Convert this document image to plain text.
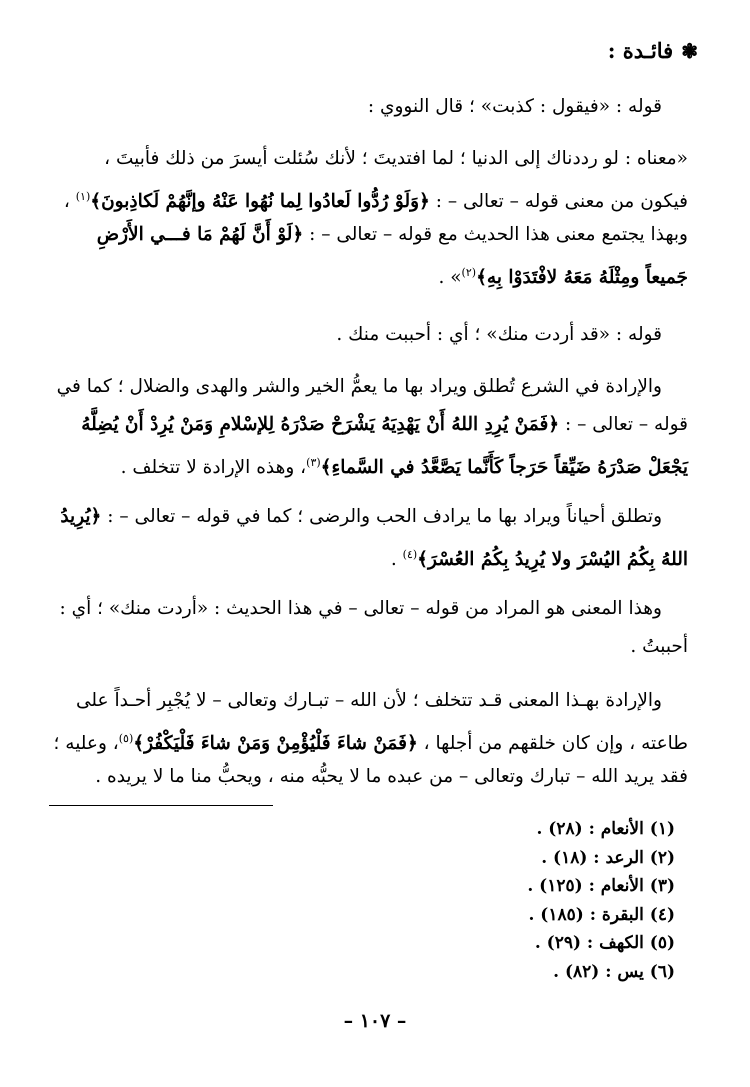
❃فائـدة :
قوله : «فيقول : كذبت» ؛ قال النووي :
«معناه : لو رددناك إلى الدنيا ؛ لما افتديتَ ؛ لأنك سُئلت أيسرَ من ذلك فأبيتَ ،
فيكون من معنى قوله – تعالى – : ﴿وَلَوْ رُدُّوا لَعادُوا لِما نُهُوا عَنْهُ وإنَّهُمْ لَكاذِبونَ﴾$^{(١)}$ ،
وبهذا يجتمع معنى هذا الحديث مع قوله – تعالى – : ﴿لَوْ أَنَّ لَهُمْ مَا فـــي الأَرْضِ
جَميعاً ومِثْلَهُ مَعَهُ لافْتَدَوْا بِهِ﴾$^{(٢)}$» .
قوله : «قد أردت منك» ؛ أي : أحببت منك .
والإرادة في الشرع تُطلق ويراد بها ما يعمُّ الخير والشر والهدى والضلال ؛ كما في
قوله – تعالى – : ﴿فَمَنْ يُرِدِ اللهُ أَنْ يَهْدِيَهُ يَشْرَحْ صَدْرَهُ لِلإسْلامِ وَمَنْ يُرِدْ أَنْ يُضِلَّهُ
يَجْعَلْ صَدْرَهُ ضَيِّقاً حَرَجاً كَأَنَّما يَصَّعَّدُ في السَّماءِ﴾$^{(٣)}$، وهذه الإرادة لا تتخلف .
وتطلق أحياناً ويراد بها ما يرادف الحب والرضى ؛ كما في قوله – تعالى – : ﴿يُرِيدُ
اللهُ بِكُمُ اليُسْرَ ولا يُرِيدُ بِكُمُ العُسْرَ﴾$^{(٤)}$ .
وهذا المعنى هو المراد من قوله – تعالى – في هذا الحديث : «أردت منك» ؛ أي :
أحببتُ .
والإرادة بهـذا المعنى قـد تتخلف ؛ لأن الله – تبـارك وتعالى – لا يُجْبِر أحـداً على
طاعته ، وإن كان خلقهم من أجلها ، ﴿فَمَنْ شاءَ فَلْيُؤْمِنْ وَمَنْ شاءَ فَلْيَكْفُرْ﴾$^{(٥)}$، وعليه ؛
فقد يريد الله – تبارك وتعالى – من عبده ما لا يحبُّه منه ، ويحبُّ منا ما لا يريده .
(١) الأنعام : (٢٨) .
(٢) الرعد : (١٨) .
(٣) الأنعام : (١٢٥) .
(٤) البقرة : (١٨٥) .
(٥) الكهف : (٢٩) .
(٦) يس : (٨٢) .
– ١٠٧ –
